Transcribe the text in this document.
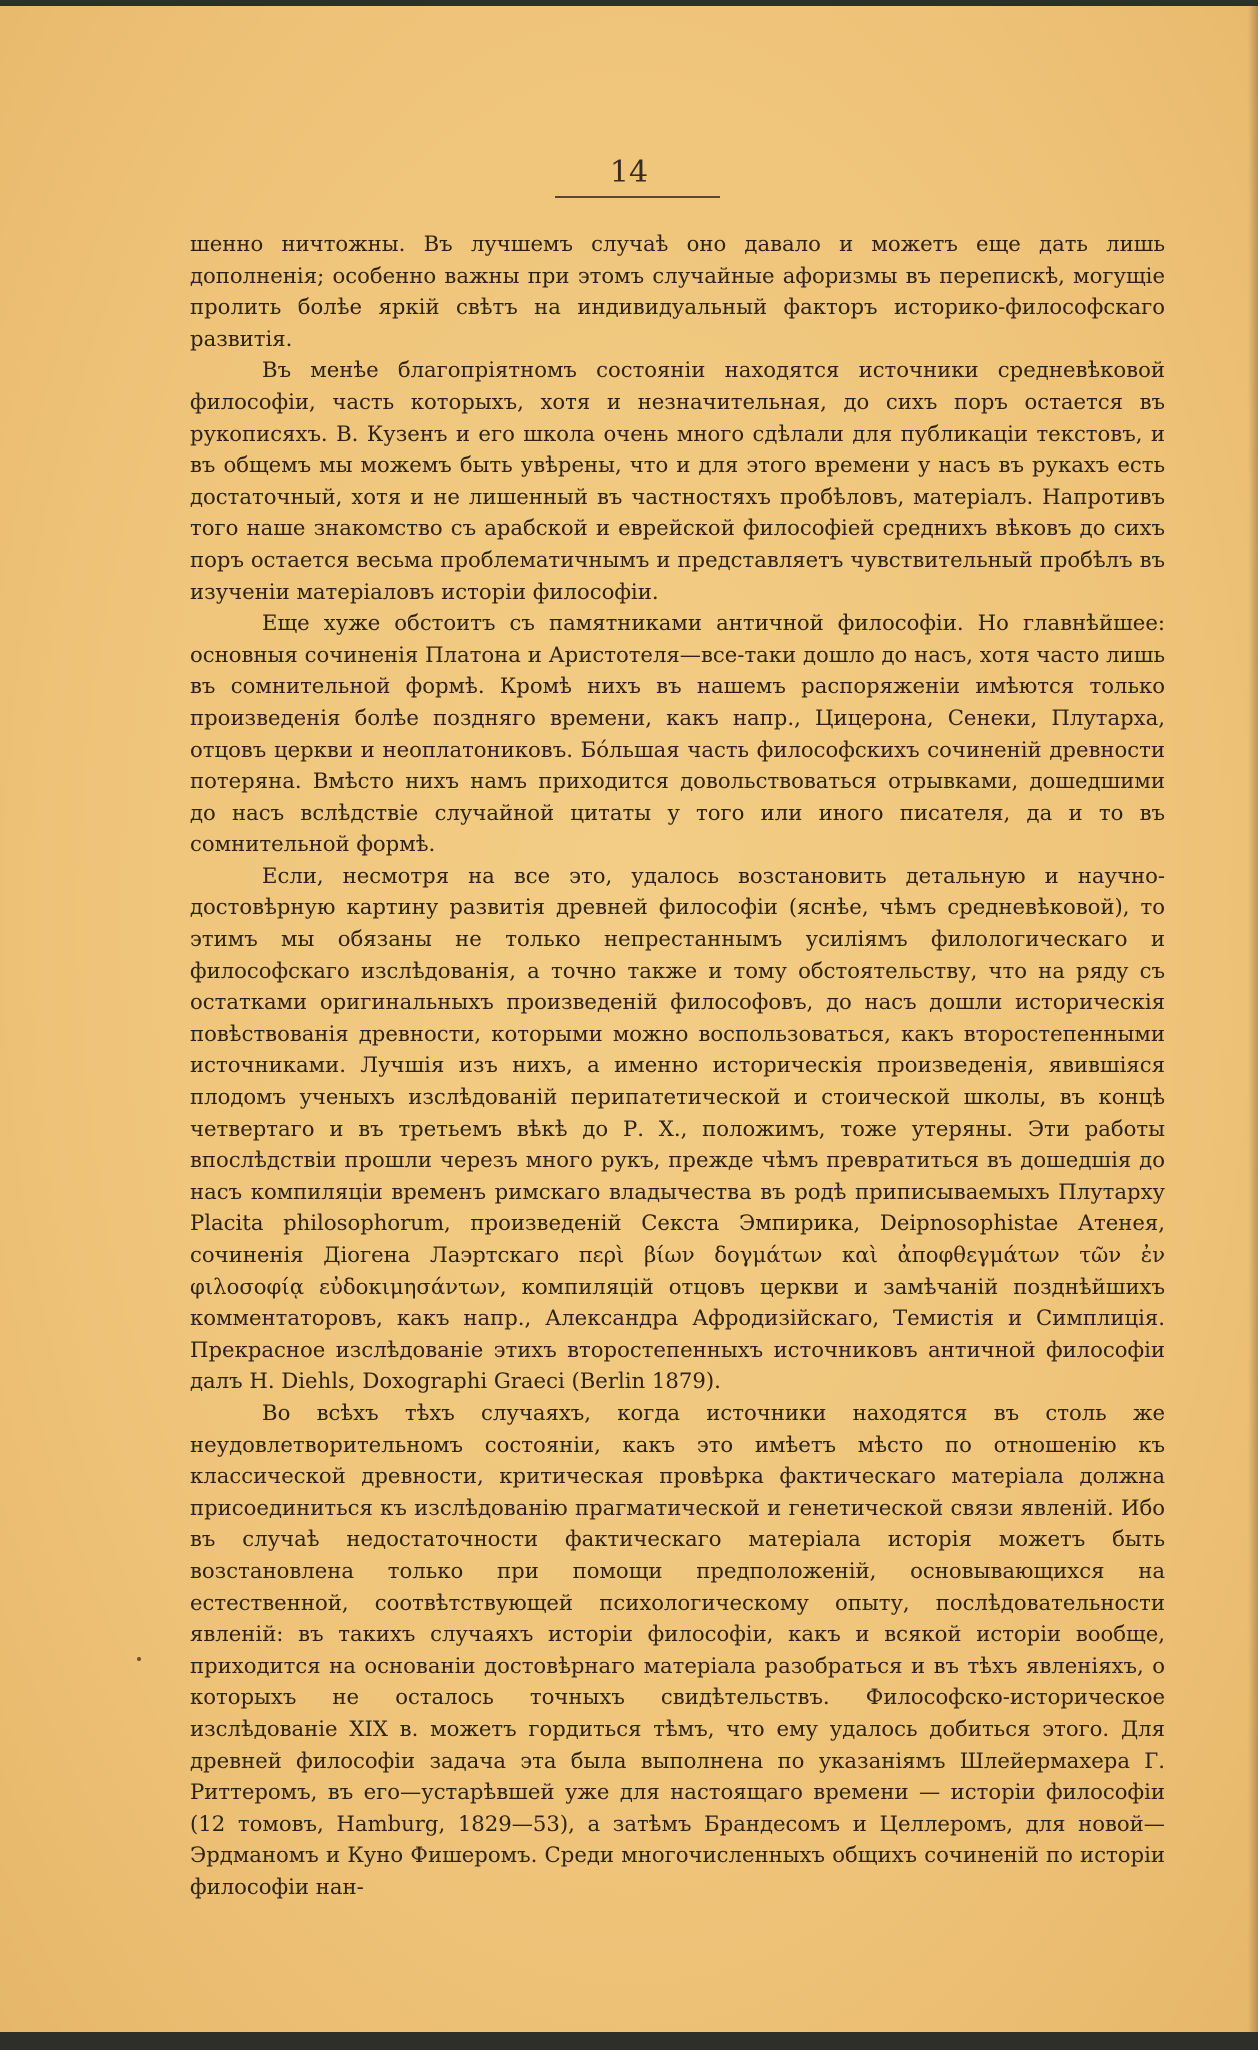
14

шенно ничтожны. Въ лучшемъ случаѣ оно давало и можетъ еще дать лишь дополненія; особенно важны при этомъ случайные афоризмы въ перепискѣ, могущіе пролить болѣе яркій свѣтъ на индивидуальный факторъ историко-философскаго развитія.

Въ менѣе благопріятномъ состояніи находятся источники средневѣковой философіи, часть которыхъ, хотя и незначительная, до сихъ поръ остается въ рукописяхъ. В. Кузенъ и его школа очень много сдѣлали для публикаціи текстовъ, и въ общемъ мы можемъ быть увѣрены, что и для этого времени у насъ въ рукахъ есть достаточный, хотя и не лишенный въ частностяхъ пробѣловъ, матеріалъ. Напротивъ того наше знакомство съ арабской и еврейской философіей среднихъ вѣковъ до сихъ поръ остается весьма проблематичнымъ и представляетъ чувствительный пробѣлъ въ изученіи матеріаловъ исторіи философіи.

Еще хуже обстоитъ съ памятниками античной философіи. Но главнѣйшее: основныя сочиненія Платона и Аристотеля—все-таки дошло до насъ, хотя часто лишь въ сомнительной формѣ. Кромѣ нихъ въ нашемъ распоряженіи имѣются только произведенія болѣе поздняго времени, какъ напр., Цицерона, Сенеки, Плутарха, отцовъ церкви и неоплатониковъ. Бо́льшая часть философскихъ сочиненій древности потеряна. Вмѣсто нихъ намъ приходится довольствоваться отрывками, дошедшими до насъ вслѣдствіе случайной цитаты у того или иного писателя, да и то въ сомнительной формѣ.

Если, несмотря на все это, удалось возстановить детальную и научно-достовѣрную картину развитія древней философіи (яснѣе, чѣмъ средневѣковой), то этимъ мы обязаны не только непрестаннымъ усиліямъ филологическаго и философскаго изслѣдованія, а точно также и тому обстоятельству, что на ряду съ остатками оригинальныхъ произведеній философовъ, до насъ дошли историческія повѣствованія древности, которыми можно воспользоваться, какъ второстепенными источниками. Лучшія изъ нихъ, а именно историческія произведенія, явившіяся плодомъ ученыхъ изслѣдованій перипатетической и стоической школы, въ концѣ четвертаго и въ третьемъ вѣкѣ до Р. Х., положимъ, тоже утеряны. Эти работы впослѣдствіи прошли черезъ много рукъ, прежде чѣмъ превратиться въ дошедшія до насъ компиляціи временъ римскаго владычества въ родѣ приписываемыхъ Плутарху Placita philosophorum, произведеній Секста Эмпирика, Deipnosophistae Атенея, сочиненія Діогена Лаэртскаго περὶ βίων δογμάτων καὶ ἀποφθεγμάτων τῶν ἐν φιλοσοφίᾳ εὐδοκιμησάντων, компиляцій отцовъ церкви и замѣчаній позднѣйшихъ комментаторовъ, какъ напр., Александра Афродизійскаго, Темистія и Симплиція. Прекрасное изслѣдованіе этихъ второстепенныхъ источниковъ античной философіи далъ H. Diehls, Doxographi Graeci (Berlin 1879).

Во всѣхъ тѣхъ случаяхъ, когда источники находятся въ столь же неудовлетворительномъ состояніи, какъ это имѣетъ мѣсто по отношенію къ классической древности, критическая провѣрка фактическаго матеріала должна присоединиться къ изслѣдованію прагматической и генетической связи явленій. Ибо въ случаѣ недостаточности фактическаго матеріала исторія можетъ быть возстановлена только при помощи предположеній, основывающихся на естественной, соотвѣтствующей психологическому опыту, послѣдовательности явленій: въ такихъ случаяхъ исторіи философіи, какъ и всякой исторіи вообще, приходится на основаніи достовѣрнаго матеріала разобраться и въ тѣхъ явленіяхъ, о которыхъ не осталось точныхъ свидѣтельствъ. Философско-историческое изслѣдованіе XIX в. можетъ гордиться тѣмъ, что ему удалось добиться этого. Для древней философіи задача эта была выполнена по указаніямъ Шлейермахера Г. Риттеромъ, въ его—устарѣвшей уже для настоящаго времени — исторіи философіи (12 томовъ, Hamburg, 1829—53), а затѣмъ Брандесомъ и Целлеромъ, для новой—Эрдманомъ и Куно Фишеромъ. Среди многочисленныхъ общихъ сочиненій по исторіи философіи нан-
